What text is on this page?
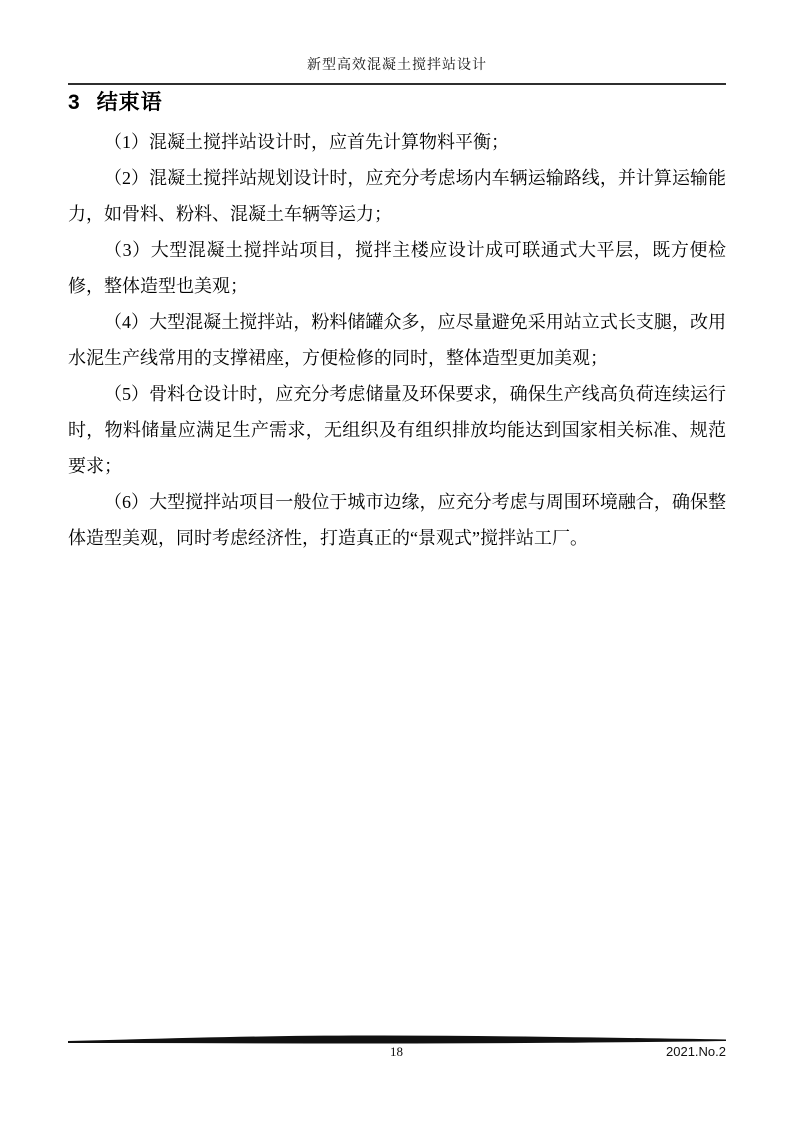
新型高效混凝土搅拌站设计
3 结束语

（1）混凝土搅拌站设计时，应首先计算物料平衡；

（2）混凝土搅拌站规划设计时，应充分考虑场内车辆运输路线，并计算运输能力，如骨料、粉料、混凝土车辆等运力；

（3）大型混凝土搅拌站项目，搅拌主楼应设计成可联通式大平层，既方便检修，整体造型也美观；

（4）大型混凝土搅拌站，粉料储罐众多，应尽量避免采用站立式长支腿，改用水泥生产线常用的支撑裙座，方便检修的同时，整体造型更加美观；

（5）骨料仓设计时，应充分考虑储量及环保要求，确保生产线高负荷连续运行时，物料储量应满足生产需求，无组织及有组织排放均能达到国家相关标准、规范要求；

（6）大型搅拌站项目一般位于城市边缘，应充分考虑与周围环境融合，确保整体造型美观，同时考虑经济性，打造真正的“景观式”搅拌站工厂。

18	2021.No.2
